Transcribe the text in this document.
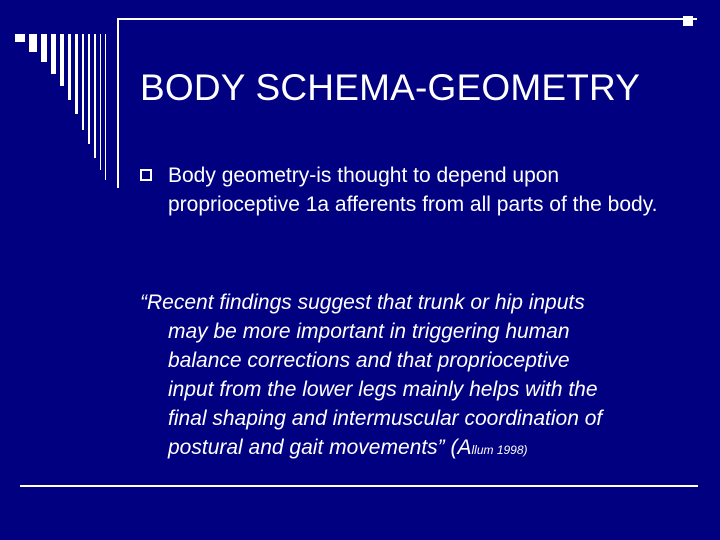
BODY SCHEMA-GEOMETRY
Body geometry-is thought to depend upon proprioceptive 1a afferents from all parts of the body.
“Recent findings suggest that trunk or hip inputs
may be more important in triggering human
balance corrections and that proprioceptive
input from the lower legs mainly helps with the
final shaping and intermuscular coordination of
postural and gait movements” (Allum 1998)
